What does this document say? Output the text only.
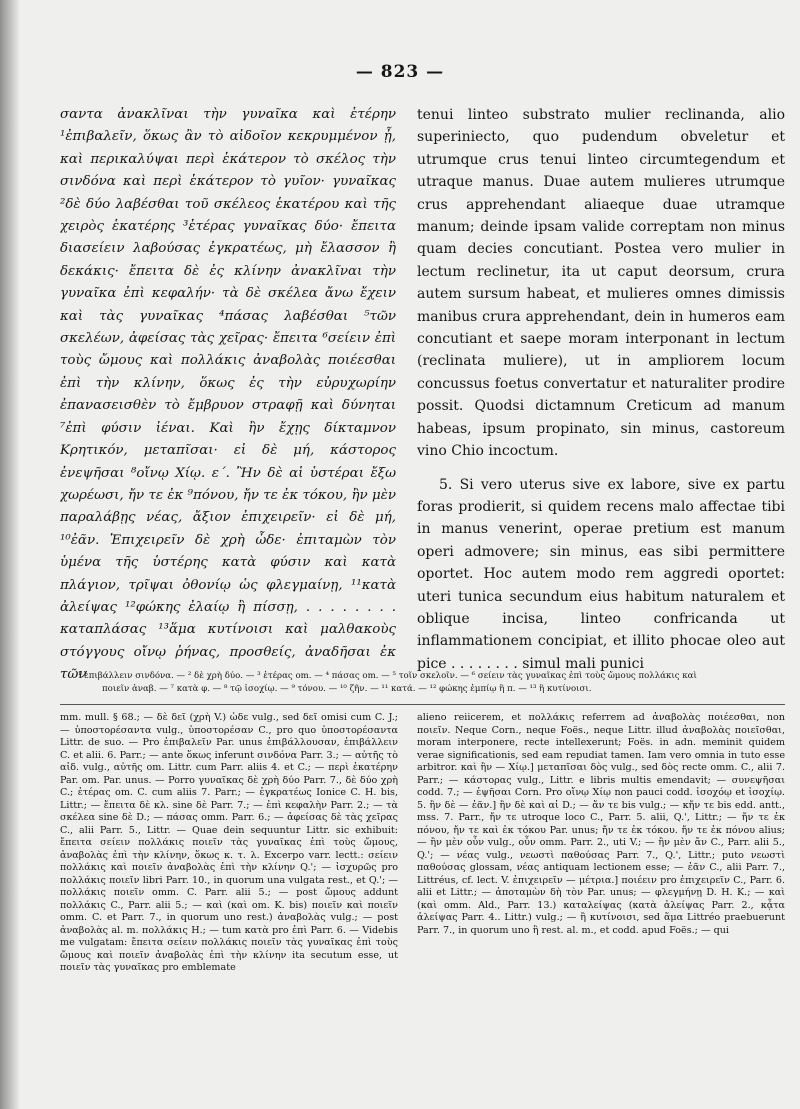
— 823 —

σαντα ἀνακλῖναι τὴν γυναῖκα καὶ ἑτέρην ¹ἐπιβαλεῖν, ὅκως ἂν τὸ αἰδοῖον κεκρυμμένον ᾖ, καὶ περικαλύψαι περὶ ἑκάτερον τὸ σκέλος τὴν σινδόνα καὶ περὶ ἑκάτερον τὸ γυῖον· γυναῖκας ²δὲ δύο λαβέσθαι τοῦ σκέλεος ἑκατέρου καὶ τῆς χειρὸς ἑκατέρης ³ἑτέρας γυναῖκας δύο· ἔπειτα διασείειν λαβούσας ἐγκρατέως, μὴ ἔλασσον ἢ δεκάκις· ἔπειτα δὲ ἐς κλίνην ἀνακλῖναι τὴν γυναῖκα ἐπὶ κεφαλήν· τὰ δὲ σκέλεα ἄνω ἔχειν καὶ τὰς γυναῖκας ⁴πάσας λαβέσθαι ⁵τῶν σκελέων, ἀφείσας τὰς χεῖρας· ἔπειτα ⁶σείειν ἐπὶ τοὺς ὤμους καὶ πολλάκις ἀναβολὰς ποιέεσθαι ἐπὶ τὴν κλίνην, ὅκως ἐς τὴν εὐρυχωρίην ἐπανασεισθὲν τὸ ἔμβρυον στραφῇ καὶ δύνηται ⁷ἐπὶ φύσιν ἰέναι. Καὶ ἢν ἔχῃς δίκταμνον Κρητικόν, μεταπῖσαι· εἰ δὲ μή, κάστορος ἐνεψῆσαι ⁸οἴνῳ Χίῳ. ε΄. Ἢν δὲ αἱ ὑστέραι ἔξω χωρέωσι, ἤν τε ἐκ ⁹πόνου, ἤν τε ἐκ τόκου, ἢν μὲν παραλάβῃς νέας, ἄξιον ἐπιχειρεῖν· εἰ δὲ μή, ¹⁰ἐᾶν. Ἐπιχειρεῖν δὲ χρὴ ὧδε· ἐπιταμὼν τὸν ὑμένα τῆς ὑστέρης κατὰ φύσιν καὶ κατὰ πλάγιον, τρῖψαι ὀθονίῳ ὡς φλεγμαίνῃ, ¹¹κατὰ ἀλείψας ¹²φώκης ἐλαίῳ ἢ πίσσῃ, . . . . . . . . καταπλάσας ¹³ἅμα κυτίνοισι καὶ μαλθακοὺς στόγγους οἴνῳ ῥήνας, προσθείς, ἀναδῆσαι ἐκ τῶν

tenui linteo substrato mulier reclinanda, alio superiniecto, quo pudendum obveletur et utrumque crus tenui linteo circumtegendum et utraque manus. Duae autem mulieres utrumque crus apprehendant aliaeque duae utramque manum; deinde ipsam valide correptam non minus quam decies concutiant. Postea vero mulier in lectum reclinetur, ita ut caput deorsum, crura autem sursum habeat, et mulieres omnes dimissis manibus crura apprehendant, dein in humeros eam concutiant et saepe moram interponant in lectum (reclinata muliere), ut in ampliorem locum concussus foetus convertatur et naturaliter prodire possit. Quodsi dictamnum Creticum ad manum habeas, ipsum propinato, sin minus, castoreum vino Chio incoctum.

5. Si vero uterus sive ex labore, sive ex partu foras prodierit, si quidem recens malo affectae tibi in manus venerint, operae pretium est manum operi admovere; sin minus, eas sibi permittere oportet. Hoc autem modo rem aggredi oportet: uteri tunica secundum eius habitum naturalem et oblique incisa, linteo confricanda ut inflammationem concipiat, et illito phocae oleo aut pice . . . . . . . . simul mali punici

¹ ἐπιβάλλειν σινδόνα. — ² δὲ χρὴ δύο. — ³ ἑτέρας om. — ⁴ πάσας om. — ⁵ τοῖν σκελοῖν. — ⁶ σείειν τὰς γυναῖκας ἐπὶ τοὺς ὤμους πολλάκις καὶ
ποιεῖν ἀναβ. — ⁷ κατὰ φ. — ⁸ τῷ ἰσοχίῳ. — ⁹ τόνου. — ¹⁰ ζῆν. — ¹¹ κατά. — ¹² φώκης ἐμπίῳ ἢ π. — ¹³ ἢ κυτίνοισι.

mm. mull. § 68.; — δὲ δεῖ (χρὴ V.) ὧδε vulg., sed δεῖ omisi cum C. J.; — ὑποστορέσαντα vulg., ὑποστορέσαν C., pro quo ὑποστορέσαντα Littr. de suo. — Pro ἐπιβαλεῖν Par. unus ἐπιβάλλουσαν, ἐπιβάλλειν C. et alii. 6. Parr.; — ante ὅκως inferunt σινδόνα Parr. 3.; — αὐτῆς τὸ αἰδ. vulg., αὐτῆς om. Littr. cum Parr. aliis 4. et C.; — περὶ ἑκατέρην Par. om. Par. unus. — Porro γυναῖκας δὲ χρὴ δύο Parr. 7., δὲ δύο χρὴ C.; ἑτέρας om. C. cum aliis 7. Parr.; — ἐγκρατέως Ionice C. H. bis, Littr.; — ἔπειτα δὲ κλ. sine δὲ Parr. 7.; — ἐπὶ κεφαλὴν Parr. 2.; — τὰ σκέλεα sine δὲ D.; — πάσας omm. Parr. 6.; — ἀφείσας δὲ τὰς χεῖρας C., alii Parr. 5., Littr. — Quae dein sequuntur Littr. sic exhibuit: ἔπειτα σείειν πολλάκις ποιεῖν τὰς γυναῖκας ἐπὶ τοὺς ὤμους, ἀναβολὰς ἐπὶ τὴν κλίνην, ὅκως κ. τ. λ. Excerpo varr. lectt.: σείειν πολλάκις καὶ ποιεῖν ἀναβολὰς ἐπὶ τὴν κλίνην Q.'; — ἰσχυρῶς pro πολλάκις ποιεῖν libri Parr. 10., in quorum una vulgata rest., et Q.'; — πολλάκις ποιεῖν omm. C. Parr. alii 5.; — post ὤμους addunt πολλάκις C., Parr. alii 5.; — καὶ (καὶ om. K. bis) ποιεῖν καὶ ποιεῖν omm. C. et Parr. 7., in quorum uno rest.) ἀναβολὰς vulg.; — post ἀναβολὰς al. m. πολλάκις H.; — tum κατὰ pro ἐπὶ Parr. 6. — Videbis me vulgatam: ἔπειτα σείειν πολλάκις ποιεῖν τὰς γυναῖκας ἐπὶ τοὺς ὤμους καὶ ποιεῖν ἀναβολὰς ἐπὶ τὴν κλίνην ita secutum esse, ut ποιεῖν τὰς γυναῖκας pro emblemate

alieno reiicerem, et πολλάκις referrem ad ἀναβολὰς ποιέεσθαι, non ποιεῖν. Neque Corn., neque Foës., neque Littr. illud ἀναβολὰς ποιεῖσθαι, moram interponere, recte intellexerunt; Foës. in adn. meminit quidem verae significationis, sed eam repudiat tamen. Iam vero omnia in tuto esse arbitror. καὶ ἢν — Χίῳ.] μεταπῖσαι δὸς vulg., sed δὸς recte omm. C., alii 7. Parr.; — κάστορας vulg., Littr. e libris multis emendavit; — συνεψῆσαι codd. 7.; — ἐψῆσαι Corn. Pro οἴνῳ Χίῳ non pauci codd. ἰσοχόῳ et ἰσοχίῳ. 5. ἢν δὲ — ἐᾶν.] ἢν δὲ καὶ αἱ D.; — ἄν τε bis vulg.; — κἤν τε bis edd. antt., mss. 7. Parr., ἤν τε utroque loco C., Parr. 5. alii, Q.', Littr.; — ἤν τε ἐκ πόνου, ἤν τε καὶ ἐκ τόκου Par. unus; ἤν τε ἐκ τόκου. ἤν τε ἐκ πόνου alius; — ἢν μὲν οὖν vulg., οὖν omm. Parr. 2., uti V.; — ἢν μὲν ἄν C., Parr. alii 5., Q.'; — νέας vulg., νεωστὶ παθούσας Parr. 7., Q.', Littr.; puto νεωστὶ παθούσας glossam, νέας antiquam lectionem esse; — ἐᾶν C., alii Parr. 7., Littréus, cf. lect. V. ἐπιχειρεῖν — μέτρια.] ποιέειν pro ἐπιχειρεῖν C., Parr. 6. alii et Littr.; — ἀποταμὼν δὴ τὸν Par. unus; — φλεγμήνῃ D. H. K.; — καὶ (καὶ omm. Ald., Parr. 13.) καταλείψας (κατὰ ἀλείψας Parr. 2., κᾆτα ἀλείψας Parr. 4.. Littr.) vulg.; — ἢ κυτίνοισι, sed ἅμα Littréo praebuerunt Parr. 7., in quorum uno ἢ rest. al. m., et codd. apud Foës.; — qui
